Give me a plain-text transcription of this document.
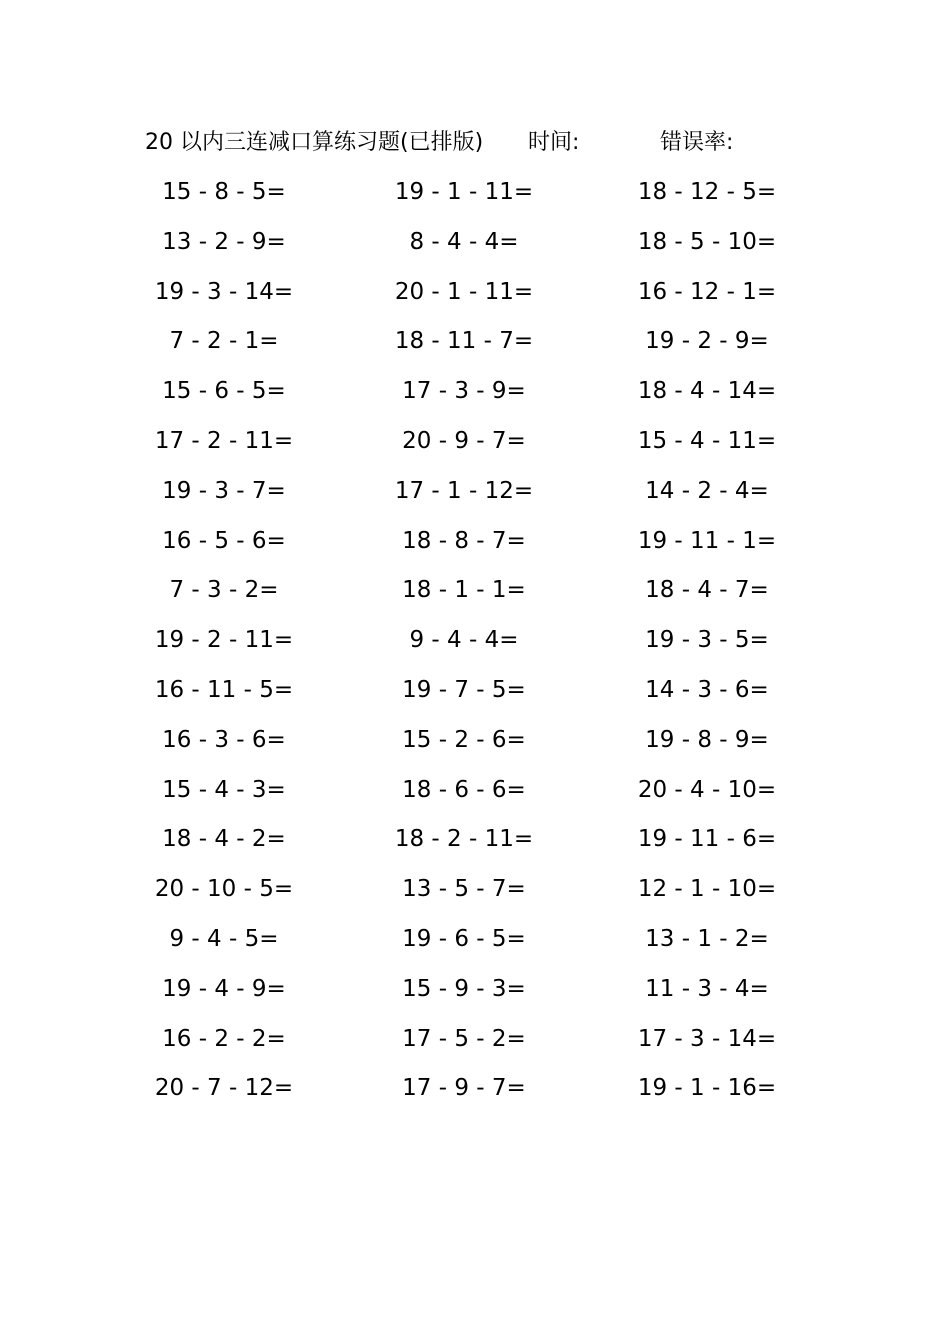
20 以内三连减口算练习题(已排版) 时间:	错误率:
15 - 8 - 5=	19 - 1 - 11=	18 - 12 - 5=
13 - 2 - 9=	8 - 4 - 4=	18 - 5 - 10=
19 - 3 - 14=	20 - 1 - 11=	16 - 12 - 1=
7 - 2 - 1=	18 - 11 - 7=	19 - 2 - 9=
15 - 6 - 5=	17 - 3 - 9=	18 - 4 - 14=
17 - 2 - 11=	20 - 9 - 7=	15 - 4 - 11=
19 - 3 - 7=	17 - 1 - 12=	14 - 2 - 4=
16 - 5 - 6=	18 - 8 - 7=	19 - 11 - 1=
7 - 3 - 2=	18 - 1 - 1=	18 - 4 - 7=
19 - 2 - 11=	9 - 4 - 4=	19 - 3 - 5=
16 - 11 - 5=	19 - 7 - 5=	14 - 3 - 6=
16 - 3 - 6=	15 - 2 - 6=	19 - 8 - 9=
15 - 4 - 3=	18 - 6 - 6=	20 - 4 - 10=
18 - 4 - 2=	18 - 2 - 11=	19 - 11 - 6=
20 - 10 - 5=	13 - 5 - 7=	12 - 1 - 10=
9 - 4 - 5=	19 - 6 - 5=	13 - 1 - 2=
19 - 4 - 9=	15 - 9 - 3=	11 - 3 - 4=
16 - 2 - 2=	17 - 5 - 2=	17 - 3 - 14=
20 - 7 - 12=	17 - 9 - 7=	19 - 1 - 16=
